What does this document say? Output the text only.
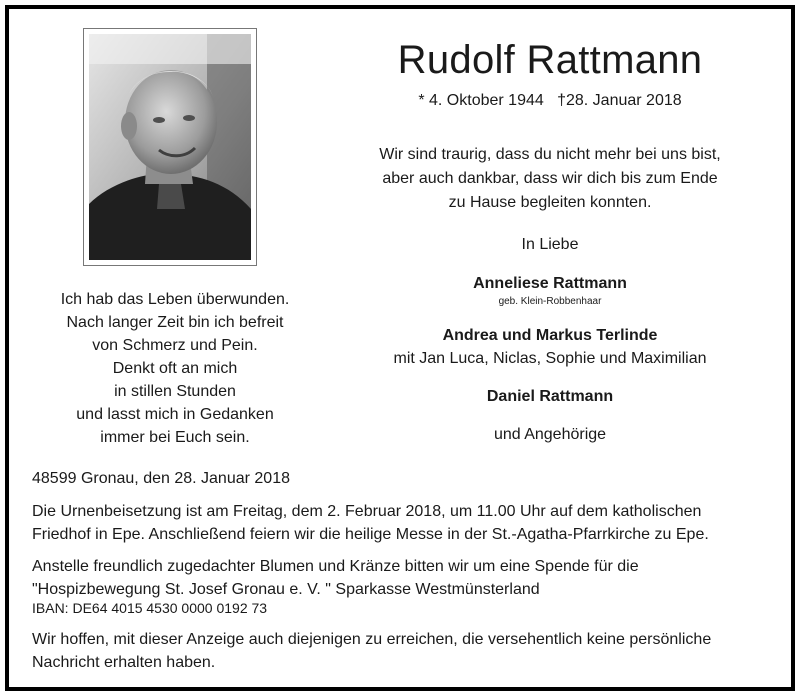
Rudolf Rattmann
* 4. Oktober 1944   †28. Januar 2018
Wir sind traurig, dass du nicht mehr bei uns bist,
aber auch dankbar, dass wir dich bis zum Ende
zu Hause begleiten konnten.
In Liebe
Anneliese Rattmann
geb. Klein-Robbenhaar
Andrea und Markus Terlinde
mit Jan Luca, Niclas, Sophie und Maximilian
Daniel Rattmann
und Angehörige
Ich hab das Leben überwunden.
Nach langer Zeit bin ich befreit
von Schmerz und Pein.
Denkt oft an mich
in stillen Stunden
und lasst mich in Gedanken
immer bei Euch sein.
48599 Gronau, den 28. Januar 2018
Die Urnenbeisetzung ist am Freitag, dem 2. Februar 2018, um 11.00 Uhr auf dem katholischen
Friedhof in Epe. Anschließend feiern wir die heilige Messe in der St.-Agatha-Pfarrkirche zu Epe.
Anstelle freundlich zugedachter Blumen und Kränze bitten wir um eine Spende für die
"Hospizbewegung St. Josef Gronau e. V. " Sparkasse Westmünsterland
IBAN: DE64 4015 4530 0000 0192 73
Wir hoffen, mit dieser Anzeige auch diejenigen zu erreichen, die versehentlich keine persönliche
Nachricht erhalten haben.
